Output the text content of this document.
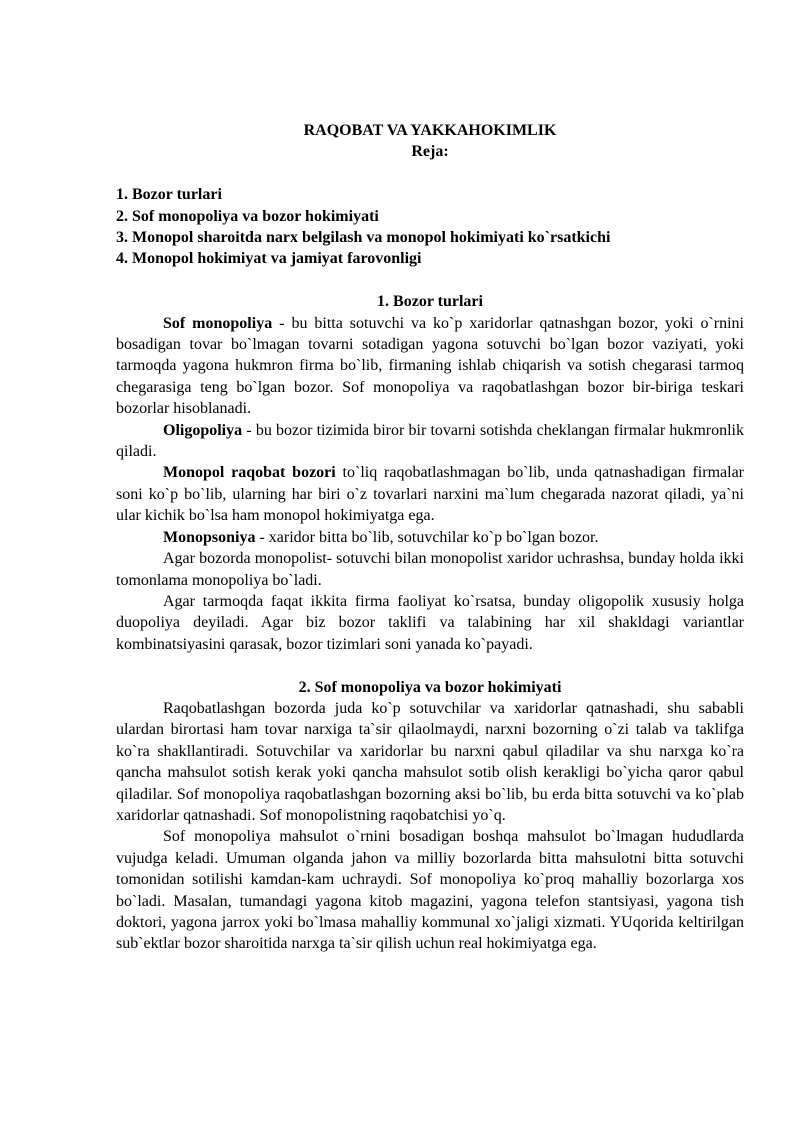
RAQOBAT VA YAKKAHOKIMLIK
Reja:
1. Bozor turlari
2. Sof monopoliya va bozor hokimiyati
3. Monopol sharoitda narx belgilash va monopol hokimiyati ko`rsatkichi
4. Monopol hokimiyat va jamiyat farovonligi
1. Bozor turlari

Sof monopoliya - bu bitta sotuvchi va ko`p xaridorlar qatnashgan bozor, yoki o`rnini bosadigan tovar bo`lmagan tovarni sotadigan yagona sotuvchi bo`lgan bozor vaziyati, yoki tarmoqda yagona hukmron firma bo`lib, firmaning ishlab chiqarish va sotish chegarasi tarmoq chegarasiga teng bo`lgan bozor. Sof monopoliya va raqobatlashgan bozor bir-biriga teskari bozorlar hisoblanadi.

Oligopoliya - bu bozor tizimida biror bir tovarni sotishda cheklangan firmalar hukmronlik qiladi.

Monopol raqobat bozori to`liq raqobatlashmagan bo`lib, unda qatnashadigan firmalar soni ko`p bo`lib, ularning har biri o`z tovarlari narxini ma`lum chegarada nazorat qiladi, ya`ni ular kichik bo`lsa ham monopol hokimiyatga ega.

Monopsoniya - xaridor bitta bo`lib, sotuvchilar ko`p bo`lgan bozor.

Agar bozorda monopolist- sotuvchi bilan monopolist xaridor uchrashsa, bunday holda ikki tomonlama monopoliya bo`ladi.

Agar tarmoqda faqat ikkita firma faoliyat ko`rsatsa, bunday oligopolik xususiy holga duopoliya deyiladi. Agar biz bozor taklifi va talabining har xil shakldagi variantlar kombinatsiyasini qarasak, bozor tizimlari soni yanada ko`payadi.

2. Sof monopoliya va bozor hokimiyati

Raqobatlashgan bozorda juda ko`p sotuvchilar va xaridorlar qatnashadi, shu sababli ulardan birortasi ham tovar narxiga ta`sir qilaolmaydi, narxni bozorning o`zi talab va taklifga ko`ra shakllantiradi. Sotuvchilar va xaridorlar bu narxni qabul qiladilar va shu narxga ko`ra qancha mahsulot sotish kerak yoki qancha mahsulot sotib olish kerakligi bo`yicha qaror qabul qiladilar. Sof monopoliya raqobatlashgan bozorning aksi bo`lib, bu erda bitta sotuvchi va ko`plab xaridorlar qatnashadi. Sof monopolistning raqobatchisi yo`q.

Sof monopoliya mahsulot o`rnini bosadigan boshqa mahsulot bo`lmagan hududlarda vujudga keladi. Umuman olganda jahon va milliy bozorlarda bitta mahsulotni bitta sotuvchi tomonidan sotilishi kamdan-kam uchraydi. Sof monopoliya ko`proq mahalliy bozorlarga xos bo`ladi. Masalan, tumandagi yagona kitob magazini, yagona telefon stantsiyasi, yagona tish doktori, yagona jarrox yoki bo`lmasa mahalliy kommunal xo`jaligi xizmati. YUqorida keltirilgan sub`ektlar bozor sharoitida narxga ta`sir qilish uchun real hokimiyatga ega.
